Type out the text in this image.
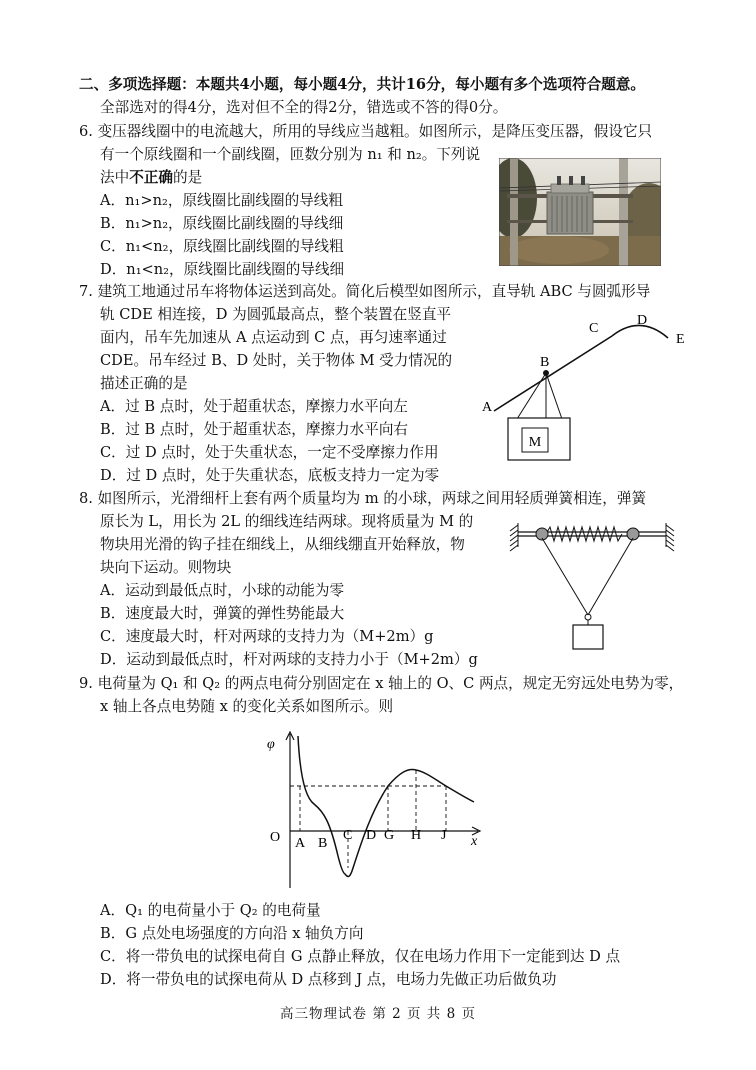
二、多项选择题：本题共4小题，每小题4分，共计16分，每小题有多个选项符合题意。
全部选对的得4分，选对但不全的得2分，错选或不答的得0分。
6. 变压器线圈中的电流越大，所用的导线应当越粗。如图所示，是降压变压器，假设它只
有一个原线圈和一个副线圈，匝数分别为 n₁ 和 n₂。下列说
法中不正确的是
A．n₁>n₂，原线圈比副线圈的导线粗
B．n₁>n₂，原线圈比副线圈的导线细
C．n₁<n₂，原线圈比副线圈的导线粗
D．n₁<n₂，原线圈比副线圈的导线细
7. 建筑工地通过吊车将物体运送到高处。简化后模型如图所示，直导轨 ABC 与圆弧形导
轨 CDE 相连接，D 为圆弧最高点，整个装置在竖直平
面内，吊车先加速从 A 点运动到 C 点，再匀速率通过
CDE。吊车经过 B、D 处时，关于物体 M 受力情况的
描述正确的是
A．过 B 点时，处于超重状态，摩擦力水平向左
B．过 B 点时，处于超重状态，摩擦力水平向右
C．过 D 点时，处于失重状态，一定不受摩擦力作用
D．过 D 点时，处于失重状态，底板支持力一定为零
M
A
B
C
D
E
8. 如图所示，光滑细杆上套有两个质量均为 m 的小球，两球之间用轻质弹簧相连，弹簧
原长为 L，用长为 2L 的细线连结两球。现将质量为 M 的
物块用光滑的钩子挂在细线上，从细线绷直开始释放，物
块向下运动。则物块
A．运动到最低点时，小球的动能为零
B．速度最大时，弹簧的弹性势能最大
C．速度最大时，杆对两球的支持力为（M+2m）g
D．运动到最低点时，杆对两球的支持力小于（M+2m）g
9. 电荷量为 Q₁ 和 Q₂ 的两点电荷分别固定在 x 轴上的 O、C 两点，规定无穷远处电势为零，
x 轴上各点电势随 x 的变化关系如图所示。则
φ
O A B
C D G H J x
A．Q₁ 的电荷量小于 Q₂ 的电荷量
B．G 点处电场强度的方向沿 x 轴负方向
C．将一带负电的试探电荷自 G 点静止释放，仅在电场力作用下一定能到达 D 点
D．将一带负电的试探电荷从 D 点移到 J 点，电场力先做正功后做负功
高三物理试卷 第 2 页 共 8 页
